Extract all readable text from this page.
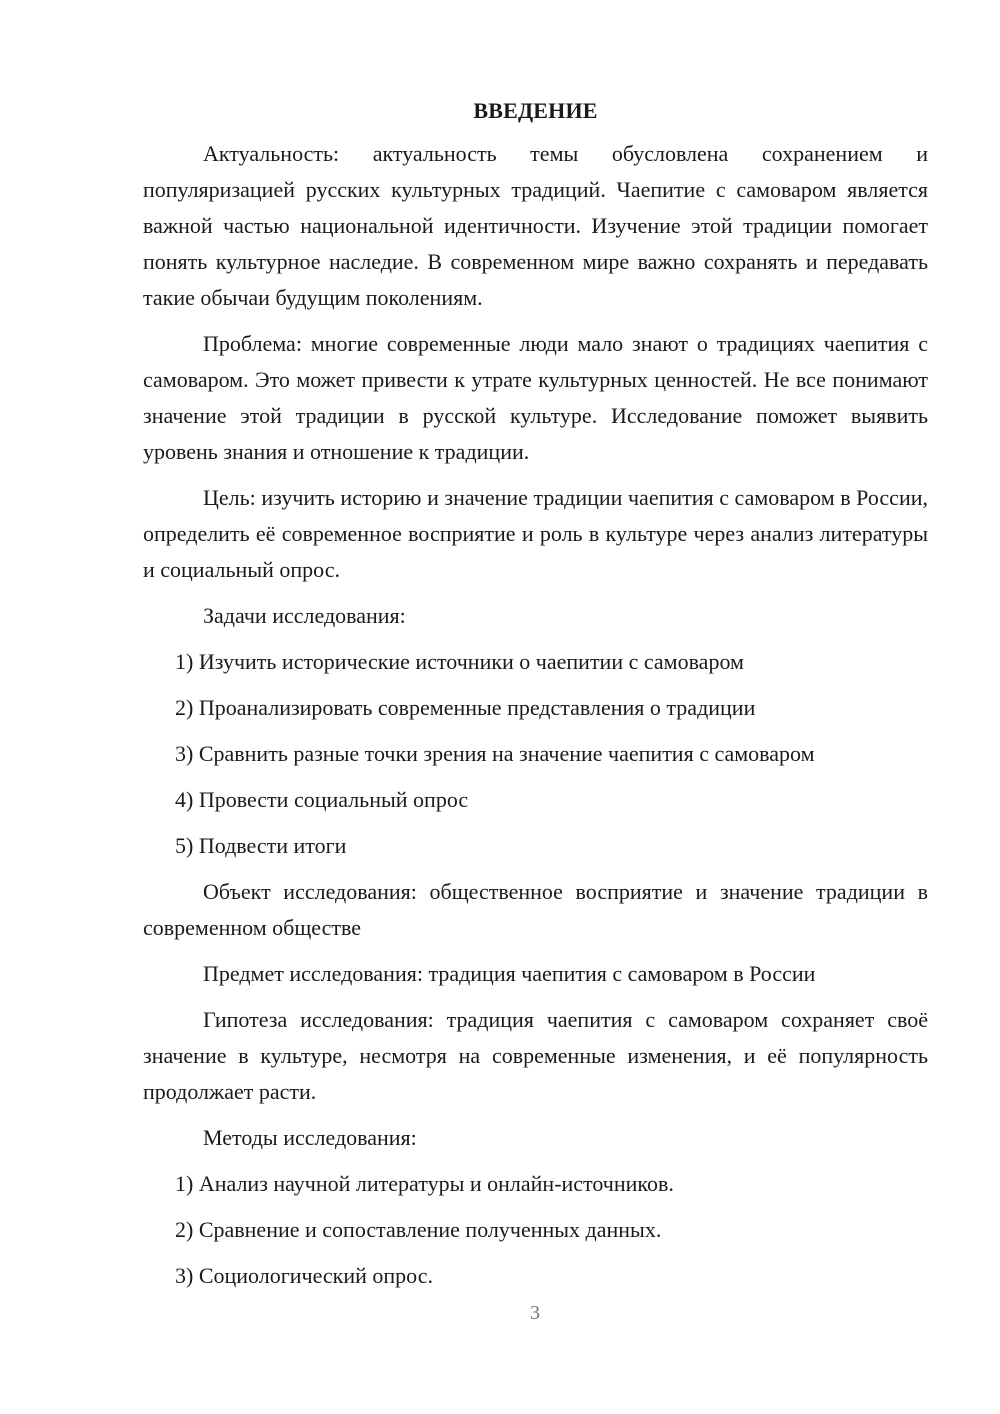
ВВЕДЕНИЕ

Актуальность: актуальность темы обусловлена сохранением и популяризацией русских культурных традиций. Чаепитие с самоваром является важной частью национальной идентичности. Изучение этой традиции помогает понять культурное наследие. В современном мире важно сохранять и передавать такие обычаи будущим поколениям.

Проблема: многие современные люди мало знают о традициях чаепития с самоваром. Это может привести к утрате культурных ценностей. Не все понимают значение этой традиции в русской культуре. Исследование поможет выявить уровень знания и отношение к традиции.

Цель: изучить историю и значение традиции чаепития с самоваром в России, определить её современное восприятие и роль в культуре через анализ литературы и социальный опрос.

Задачи исследования:

1) Изучить исторические источники о чаепитии с самоваром

2) Проанализировать современные представления о традиции

3) Сравнить разные точки зрения на значение чаепития с самоваром

4) Провести социальный опрос

5) Подвести итоги

Объект исследования: общественное восприятие и значение традиции в современном обществе

Предмет исследования: традиция чаепития с самоваром в России

Гипотеза исследования: традиция чаепития с самоваром сохраняет своё значение в культуре, несмотря на современные изменения, и её популярность продолжает расти.

Методы исследования:

1) Анализ научной литературы и онлайн-источников.

2) Сравнение и сопоставление полученных данных.

3) Социологический опрос.

3
